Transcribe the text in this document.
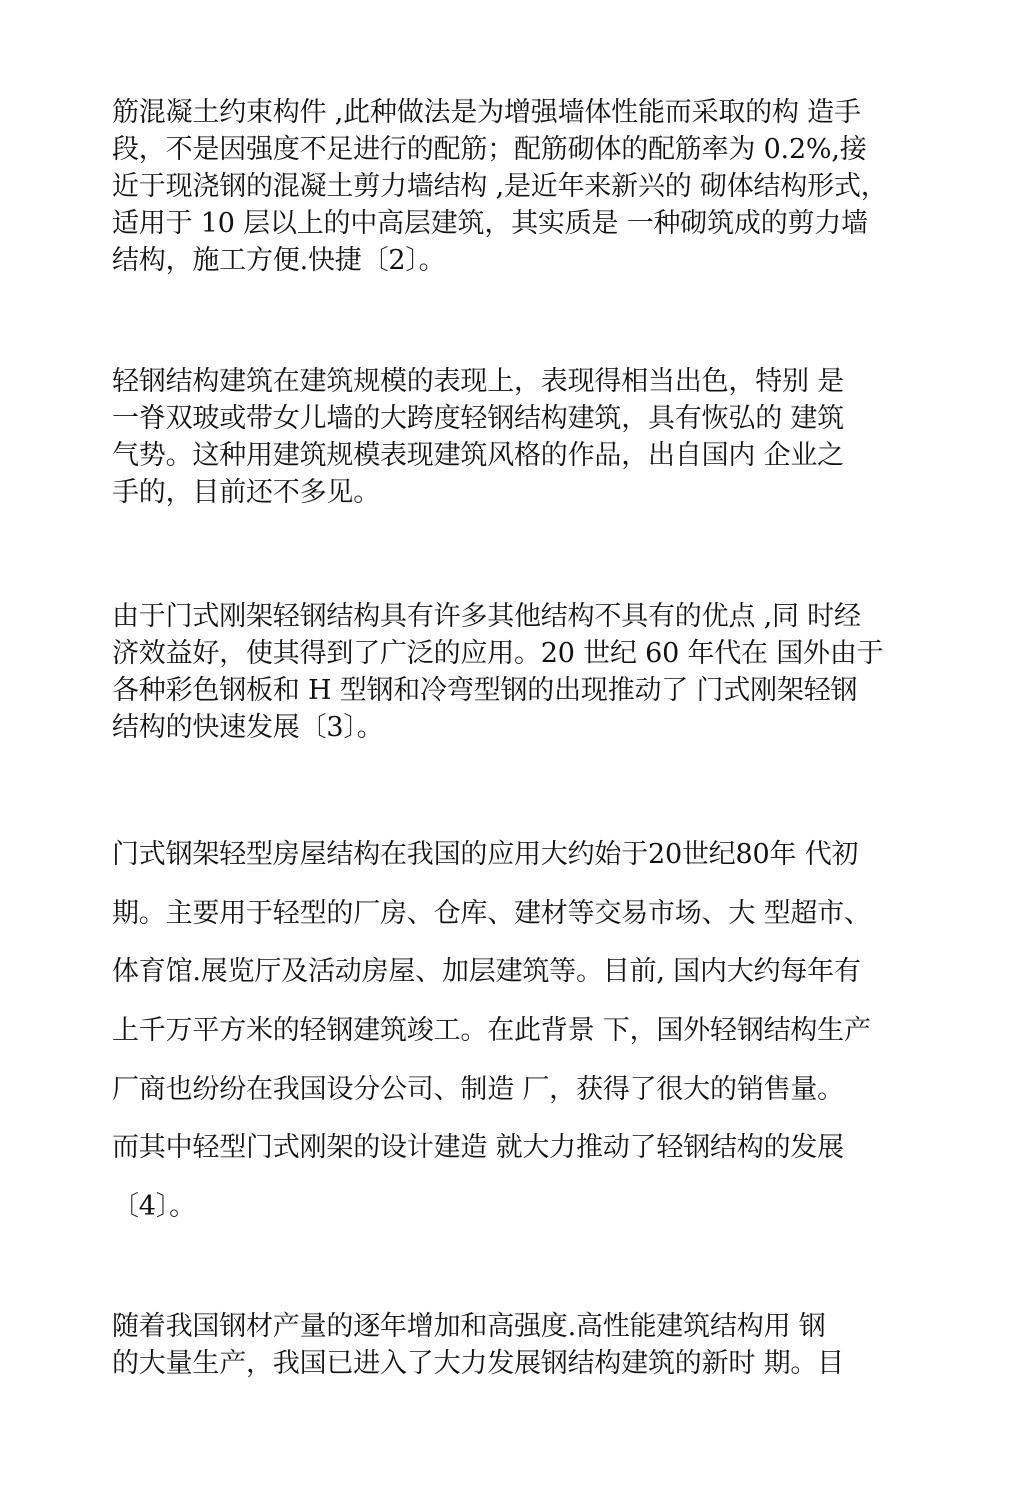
筋混凝土约束构件 ,此种做法是为增强墙体性能而采取的构 造手
段，不是因强度不足进行的配筋；配筋砌体的配筋率为 0.2%,接
近于现浇钢的混凝土剪力墙结构 ,是近年来新兴的 砌体结构形式，
适用于 10 层以上的中高层建筑，其实质是 一种砌筑成的剪力墙
结构，施工方便.快捷〔2〕。
轻钢结构建筑在建筑规模的表现上，表现得相当出色，特别 是
一脊双玻或带女儿墙的大跨度轻钢结构建筑，具有恢弘的 建筑
气势。这种用建筑规模表现建筑风格的作品，出自国内 企业之
手的，目前还不多见。
由于门式刚架轻钢结构具有许多其他结构不具有的优点 ,同 时经
济效益好，使其得到了广泛的应用。20 世纪 60 年代在 国外由于
各种彩色钢板和 H 型钢和冷弯型钢的出现推动了 门式刚架轻钢
结构的快速发展〔3〕。
门式钢架轻型房屋结构在我国的应用大约始于20世纪80年 代初
期。主要用于轻型的厂房、仓库、建材等交易市场、大 型超市、
体育馆.展览厅及活动房屋、加层建筑等。目前, 国内大约每年有
上千万平方米的轻钢建筑竣工。在此背景 下，国外轻钢结构生产
厂商也纷纷在我国设分公司、制造 厂，获得了很大的销售量。
而其中轻型门式刚架的设计建造 就大力推动了轻钢结构的发展
〔4〕。
随着我国钢材产量的逐年增加和高强度.高性能建筑结构用 钢
的大量生产，我国已进入了大力发展钢结构建筑的新时 期。目
